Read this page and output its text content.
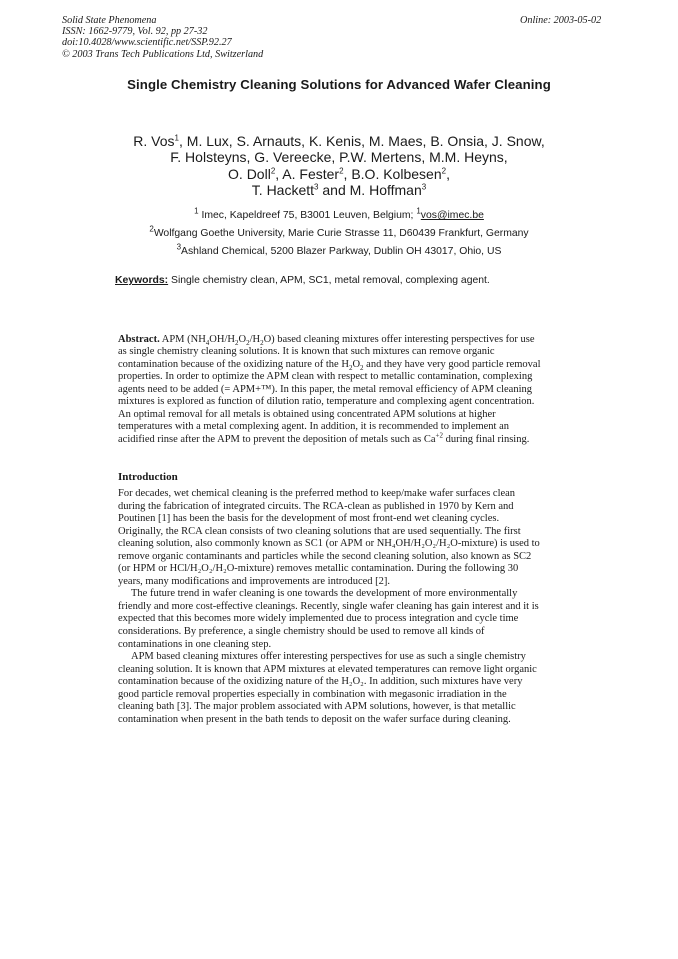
Solid State Phenomena
ISSN: 1662-9779, Vol. 92, pp 27-32
doi:10.4028/www.scientific.net/SSP.92.27
© 2003 Trans Tech Publications Ltd, Switzerland
Online: 2003-05-02
Single Chemistry Cleaning Solutions for Advanced Wafer Cleaning
R. Vos$^1$, M. Lux, S. Arnauts, K. Kenis, M. Maes, B. Onsia, J. Snow,
F. Holsteyns, G. Vereecke, P.W. Mertens, M.M. Heyns,
O. Doll$^2$, A. Fester$^2$, B.O. Kolbesen$^2$,
T. Hackett$^3$ and M. Hoffman$^3$
$^1$ Imec, Kapeldreef 75, B3001 Leuven, Belgium; $^1$vos@imec.be
$^2$Wolfgang Goethe University, Marie Curie Strasse 11, D60439 Frankfurt, Germany
$^3$Ashland Chemical, 5200 Blazer Parkway, Dublin OH 43017, Ohio, US
Keywords: Single chemistry clean, APM, SC1, metal removal, complexing agent.
Abstract. APM $(NH_4OH/H_2O_2/H_2O)$ based cleaning mixtures offer interesting perspectives for use
as single chemistry cleaning solutions. It is known that such mixtures can remove organic
contamination because of the oxidizing nature of the $H_2O_2$ and they have very good particle removal
properties. In order to optimize the APM clean with respect to metallic contamination, complexing
agents need to be added (= APM+™). In this paper, the metal removal efficiency of APM cleaning
mixtures is explored as function of dilution ratio, temperature and complexing agent concentration.
An optimal removal for all metals is obtained using concentrated APM solutions at higher
temperatures with a metal complexing agent. In addition, it is recommended to implement an
acidified rinse after the APM to prevent the deposition of metals such as $Ca^{+2}$ during final rinsing.
Introduction
For decades, wet chemical cleaning is the preferred method to keep/make wafer surfaces clean
during the fabrication of integrated circuits. The RCA-clean as published in 1970 by Kern and
Poutinen [1] has been the basis for the development of most front-end wet cleaning cycles.
Originally, the RCA clean consists of two cleaning solutions that are used sequentially. The first
cleaning solution, also commonly known as SC1 (or APM or NH₄OH/H₂O₂/H₂O-mixture) is used to
remove organic contaminants and particles while the second cleaning solution, also known as SC2
(or HPM or HCl/H₂O₂/H₂O-mixture) removes metallic contamination. During the following 30
years, many modifications and improvements are introduced [2].
The future trend in wafer cleaning is one towards the development of more environmentally
friendly and more cost-effective cleanings. Recently, single wafer cleaning has gain interest and it is
expected that this becomes more widely implemented due to process integration and cycle time
considerations. By preference, a single chemistry should be used to remove all kinds of
contaminations in one cleaning step.
APM based cleaning mixtures offer interesting perspectives for use as such a single chemistry
cleaning solution. It is known that APM mixtures at elevated temperatures can remove light organic
contamination because of the oxidizing nature of the H₂O₂. In addition, such mixtures have very
good particle removal properties especially in combination with megasonic irradiation in the
cleaning bath [3]. The major problem associated with APM solutions, however, is that metallic
contamination when present in the bath tends to deposit on the wafer surface during cleaning.
